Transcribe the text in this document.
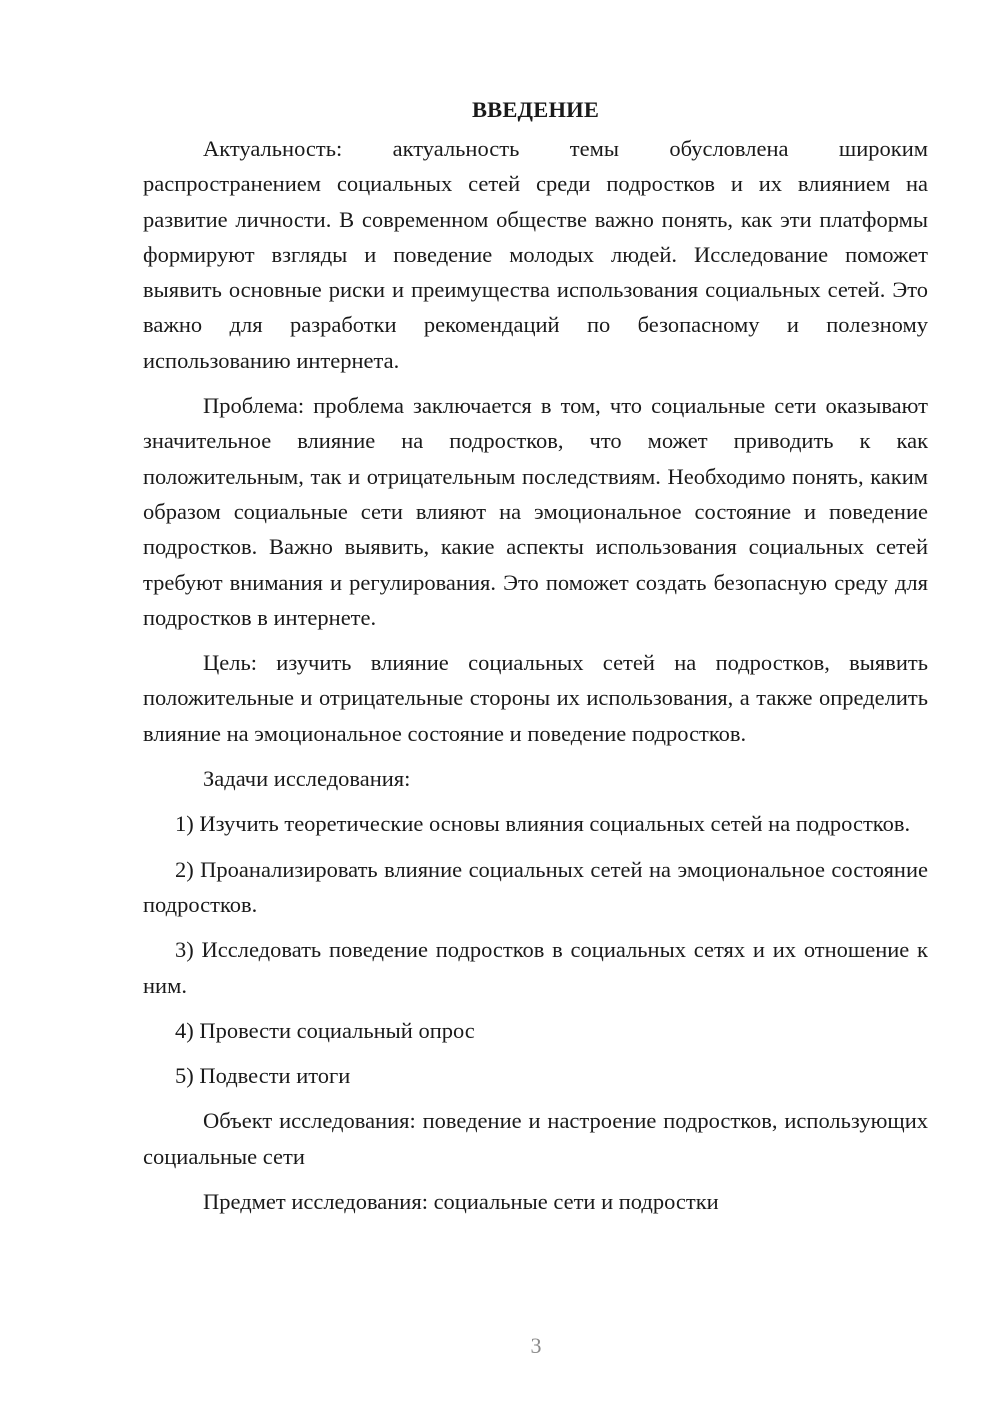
ВВЕДЕНИЕ

Актуальность: актуальность темы обусловлена широким распространением социальных сетей среди подростков и их влиянием на развитие личности. В современном обществе важно понять, как эти платформы формируют взгляды и поведение молодых людей. Исследование поможет выявить основные риски и преимущества использования социальных сетей. Это важно для разработки рекомендаций по безопасному и полезному использованию интернета.

Проблема: проблема заключается в том, что социальные сети оказывают значительное влияние на подростков, что может приводить к как положительным, так и отрицательным последствиям. Необходимо понять, каким образом социальные сети влияют на эмоциональное состояние и поведение подростков. Важно выявить, какие аспекты использования социальных сетей требуют внимания и регулирования. Это поможет создать безопасную среду для подростков в интернете.

Цель: изучить влияние социальных сетей на подростков, выявить положительные и отрицательные стороны их использования, а также определить влияние на эмоциональное состояние и поведение подростков.

Задачи исследования:

1) Изучить теоретические основы влияния социальных сетей на подростков.

2) Проанализировать влияние социальных сетей на эмоциональное состояние подростков.

3) Исследовать поведение подростков в социальных сетях и их отношение к ним.

4) Провести социальный опрос

5) Подвести итоги

Объект исследования: поведение и настроение подростков, использующих социальные сети

Предмет исследования: социальные сети и подростки

3
